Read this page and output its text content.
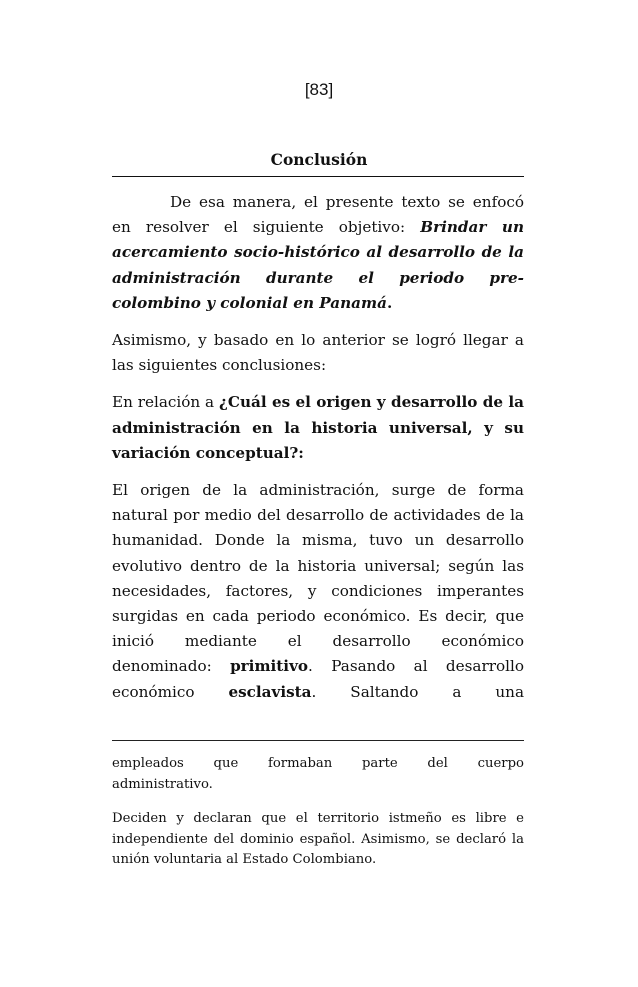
[83]
Conclusión

De esa manera, el presente texto se enfocó en resolver el siguiente objetivo: Brindar un acercamiento socio-histórico al desarrollo de la administración durante el periodo pre-colombino y colonial en Panamá.

Asimismo, y basado en lo anterior se logró llegar a las siguientes conclusiones:

En relación a ¿Cuál es el origen y desarrollo de la administración en la historia universal, y su variación conceptual?:

El origen de la administración, surge de forma natural por medio del desarrollo de actividades de la humanidad. Donde la misma, tuvo un desarrollo evolutivo dentro de la historia universal; según las necesidades, factores, y condiciones imperantes surgidas en cada periodo económico. Es decir, que inició mediante el desarrollo económico denominado: primitivo. Pasando al desarrollo económico esclavista. Saltando a una

empleados que formaban parte del cuerpo
administrativo.

Deciden y declaran que el territorio istmeño es libre e independiente del dominio español. Asimismo, se declaró la unión voluntaria al Estado Colombiano.
